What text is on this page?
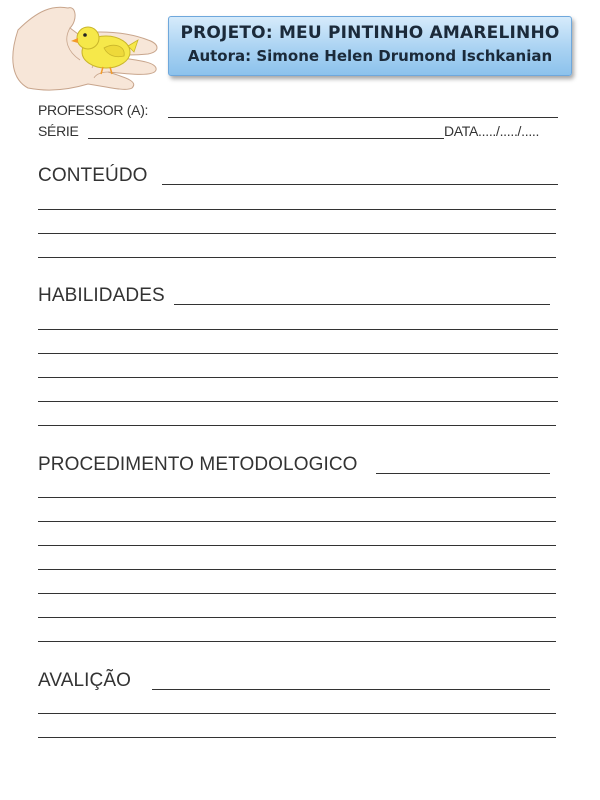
PROJETO: MEU PINTINHO AMARELINHO
Autora: Simone Helen Drumond Ischkanian
PROFESSOR (A):
SÉRIE	DATA...../...../.....
CONTEÚDO
HABILIDADES
PROCEDIMENTO METODOLOGICO
AVALIÇÃO
